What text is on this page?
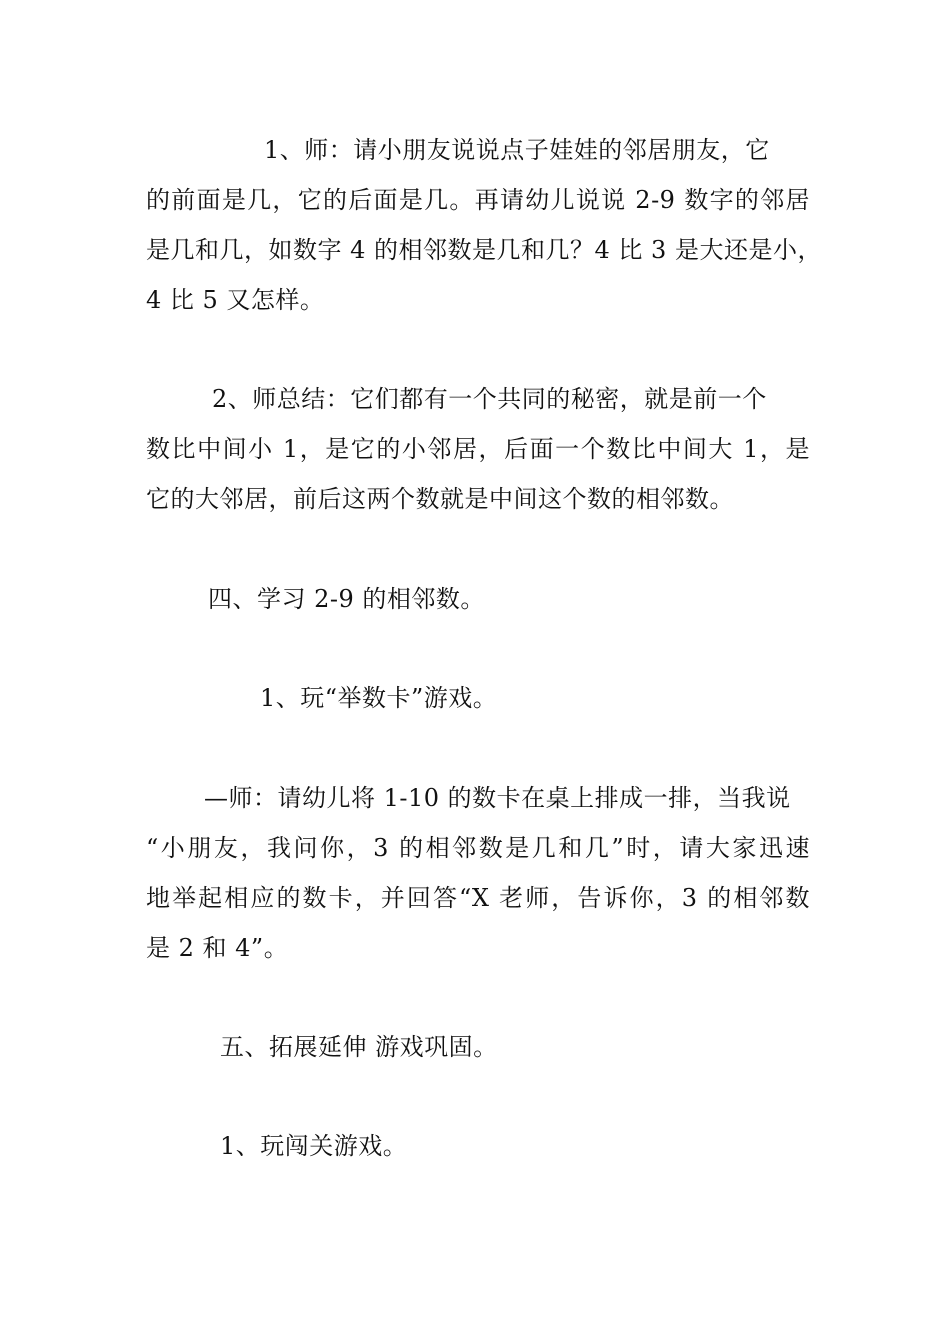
1、师：请小朋友说说点子娃娃的邻居朋友，它
的前面是几，它的后面是几。再请幼儿说说 2-9 数字的邻居
是几和几，如数字 4 的相邻数是几和几？4 比 3 是大还是小，
4 比 5 又怎样。
2、师总结：它们都有一个共同的秘密，就是前一个
数比中间小 1，是它的小邻居，后面一个数比中间大 1，是
它的大邻居，前后这两个数就是中间这个数的相邻数。
四、学习 2-9 的相邻数。
1、玩“举数卡”游戏。
—师：请幼儿将 1-10 的数卡在桌上排成一排，当我说
“小朋友，我问你，3 的相邻数是几和几”时，请大家迅速
地举起相应的数卡，并回答“X 老师，告诉你，3 的相邻数
是 2 和 4”。
五、拓展延伸 游戏巩固。
1、玩闯关游戏。
